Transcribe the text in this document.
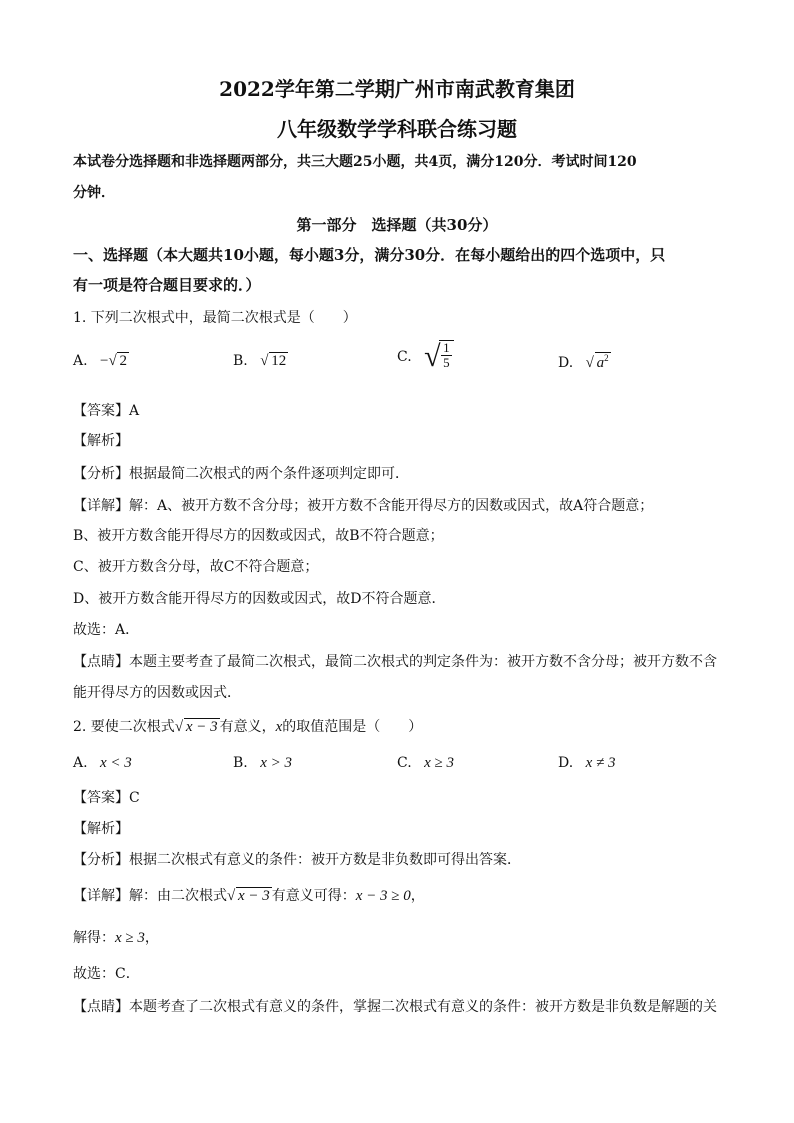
2022学年第二学期广州市南武教育集团
八年级数学学科联合练习题
本试卷分选择题和非选择题两部分，共三大题25小题，共4页，满分120分．考试时间120
分钟．
第一部分　选择题（共30分）
一、选择题（本大题共10小题，每小题3分，满分30分．在每小题给出的四个选项中，只
有一项是符合题目要求的．）
1. 下列二次根式中，最简二次根式是（　　）
A. − √ 2	B. √ 12	C. √ $\frac{1}{5}$	D. √ $a^2$
【答案】A
【解析】
【分析】根据最简二次根式的两个条件逐项判定即可．
【详解】解：A、被开方数不含分母；被开方数不含能开得尽方的因数或因式，故A符合题意；
B、被开方数含能开得尽方的因数或因式，故B不符合题意；
C、被开方数含分母，故C不符合题意；
D、被开方数含能开得尽方的因数或因式，故D不符合题意．
故选：A．
【点睛】本题主要考查了最简二次根式，最简二次根式的判定条件为：被开方数不含分母；被开方数不含
能开得尽方的因数或因式．
2. 要使二次根式 √ x − 3 有意义，x的取值范围是（　　）
A. x < 3	B. x > 3	C. x ≥ 3	D. x ≠ 3
【答案】C
【解析】
【分析】根据二次根式有意义的条件：被开方数是非负数即可得出答案．
【详解】解：由二次根式 √ x − 3 有意义可得：x − 3 ≥ 0，
解得：x ≥ 3，
故选：C．
【点睛】本题考查了二次根式有意义的条件，掌握二次根式有意义的条件：被开方数是非负数是解题的关
